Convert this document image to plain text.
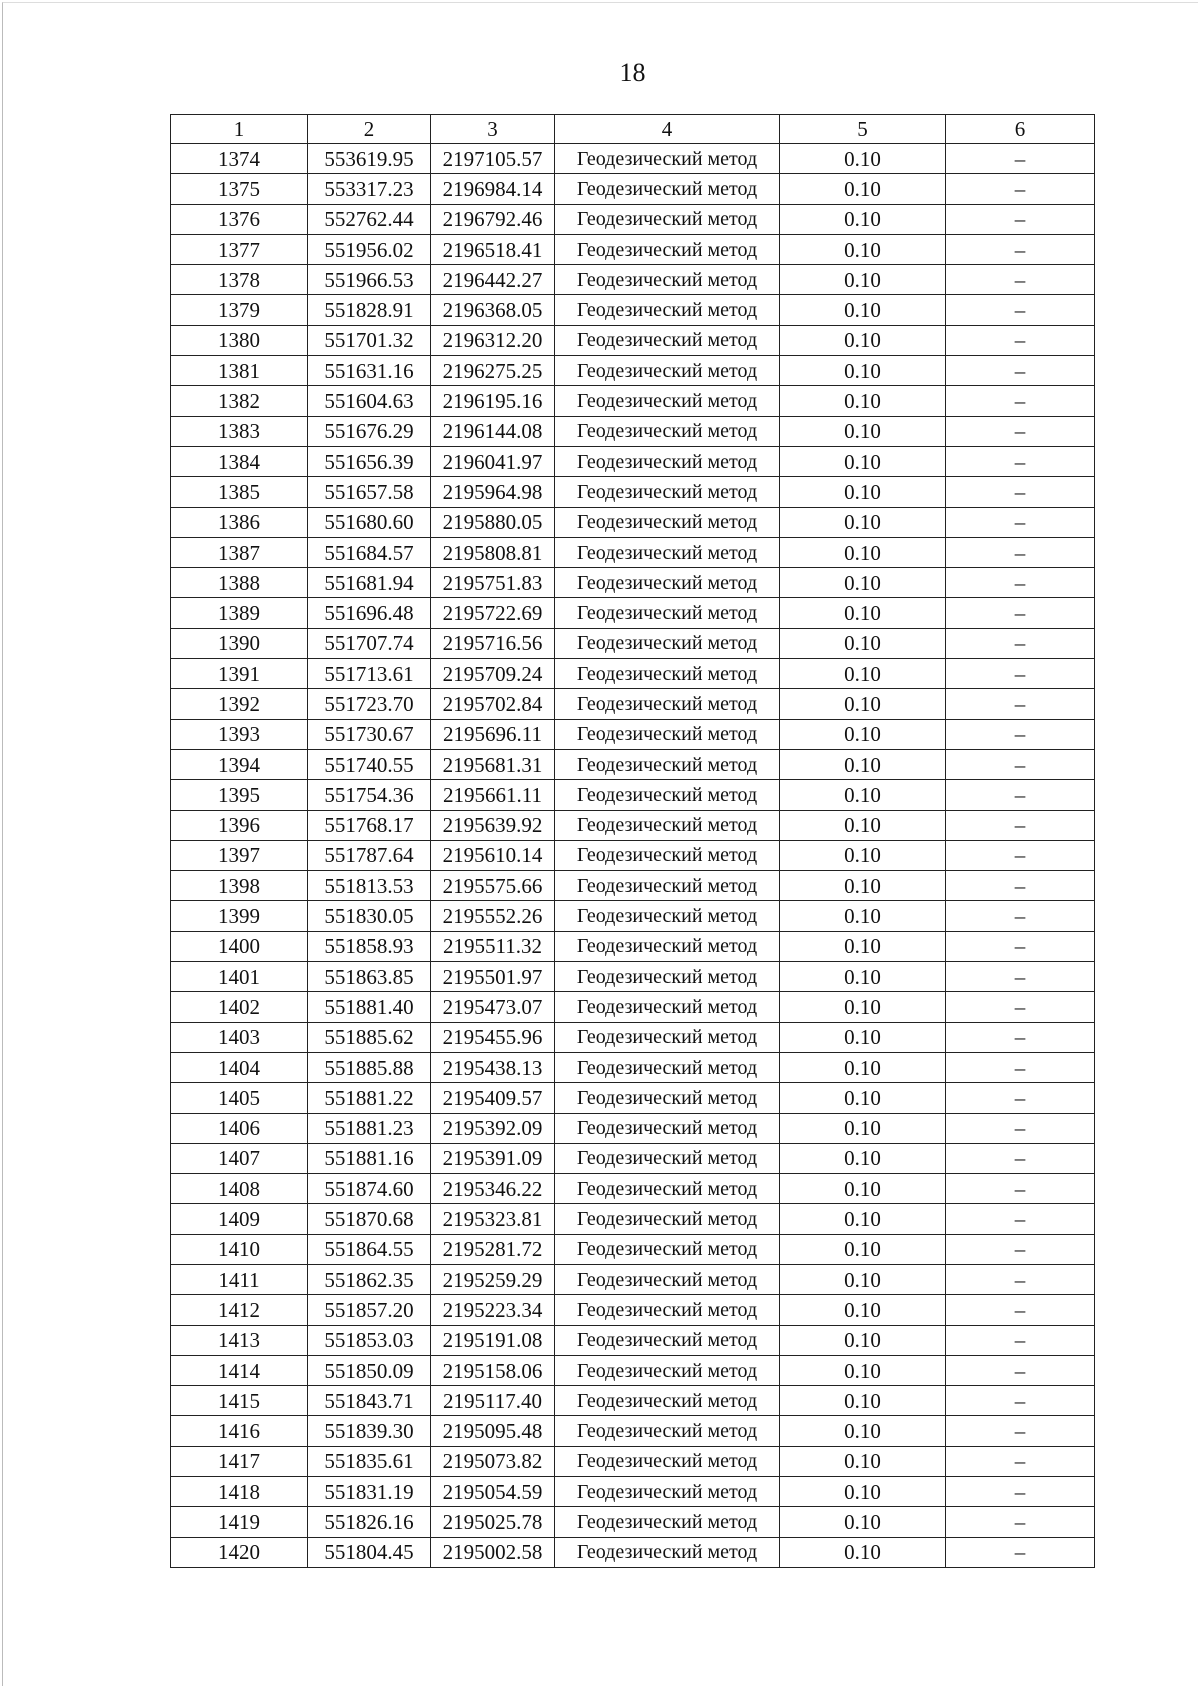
18
1	2	3	4	5	6
1374	553619.95	2197105.57	Геодезический метод	0.10	–
1375	553317.23	2196984.14	Геодезический метод	0.10	–
1376	552762.44	2196792.46	Геодезический метод	0.10	–
1377	551956.02	2196518.41	Геодезический метод	0.10	–
1378	551966.53	2196442.27	Геодезический метод	0.10	–
1379	551828.91	2196368.05	Геодезический метод	0.10	–
1380	551701.32	2196312.20	Геодезический метод	0.10	–
1381	551631.16	2196275.25	Геодезический метод	0.10	–
1382	551604.63	2196195.16	Геодезический метод	0.10	–
1383	551676.29	2196144.08	Геодезический метод	0.10	–
1384	551656.39	2196041.97	Геодезический метод	0.10	–
1385	551657.58	2195964.98	Геодезический метод	0.10	–
1386	551680.60	2195880.05	Геодезический метод	0.10	–
1387	551684.57	2195808.81	Геодезический метод	0.10	–
1388	551681.94	2195751.83	Геодезический метод	0.10	–
1389	551696.48	2195722.69	Геодезический метод	0.10	–
1390	551707.74	2195716.56	Геодезический метод	0.10	–
1391	551713.61	2195709.24	Геодезический метод	0.10	–
1392	551723.70	2195702.84	Геодезический метод	0.10	–
1393	551730.67	2195696.11	Геодезический метод	0.10	–
1394	551740.55	2195681.31	Геодезический метод	0.10	–
1395	551754.36	2195661.11	Геодезический метод	0.10	–
1396	551768.17	2195639.92	Геодезический метод	0.10	–
1397	551787.64	2195610.14	Геодезический метод	0.10	–
1398	551813.53	2195575.66	Геодезический метод	0.10	–
1399	551830.05	2195552.26	Геодезический метод	0.10	–
1400	551858.93	2195511.32	Геодезический метод	0.10	–
1401	551863.85	2195501.97	Геодезический метод	0.10	–
1402	551881.40	2195473.07	Геодезический метод	0.10	–
1403	551885.62	2195455.96	Геодезический метод	0.10	–
1404	551885.88	2195438.13	Геодезический метод	0.10	–
1405	551881.22	2195409.57	Геодезический метод	0.10	–
1406	551881.23	2195392.09	Геодезический метод	0.10	–
1407	551881.16	2195391.09	Геодезический метод	0.10	–
1408	551874.60	2195346.22	Геодезический метод	0.10	–
1409	551870.68	2195323.81	Геодезический метод	0.10	–
1410	551864.55	2195281.72	Геодезический метод	0.10	–
1411	551862.35	2195259.29	Геодезический метод	0.10	–
1412	551857.20	2195223.34	Геодезический метод	0.10	–
1413	551853.03	2195191.08	Геодезический метод	0.10	–
1414	551850.09	2195158.06	Геодезический метод	0.10	–
1415	551843.71	2195117.40	Геодезический метод	0.10	–
1416	551839.30	2195095.48	Геодезический метод	0.10	–
1417	551835.61	2195073.82	Геодезический метод	0.10	–
1418	551831.19	2195054.59	Геодезический метод	0.10	–
1419	551826.16	2195025.78	Геодезический метод	0.10	–
1420	551804.45	2195002.58	Геодезический метод	0.10	–
